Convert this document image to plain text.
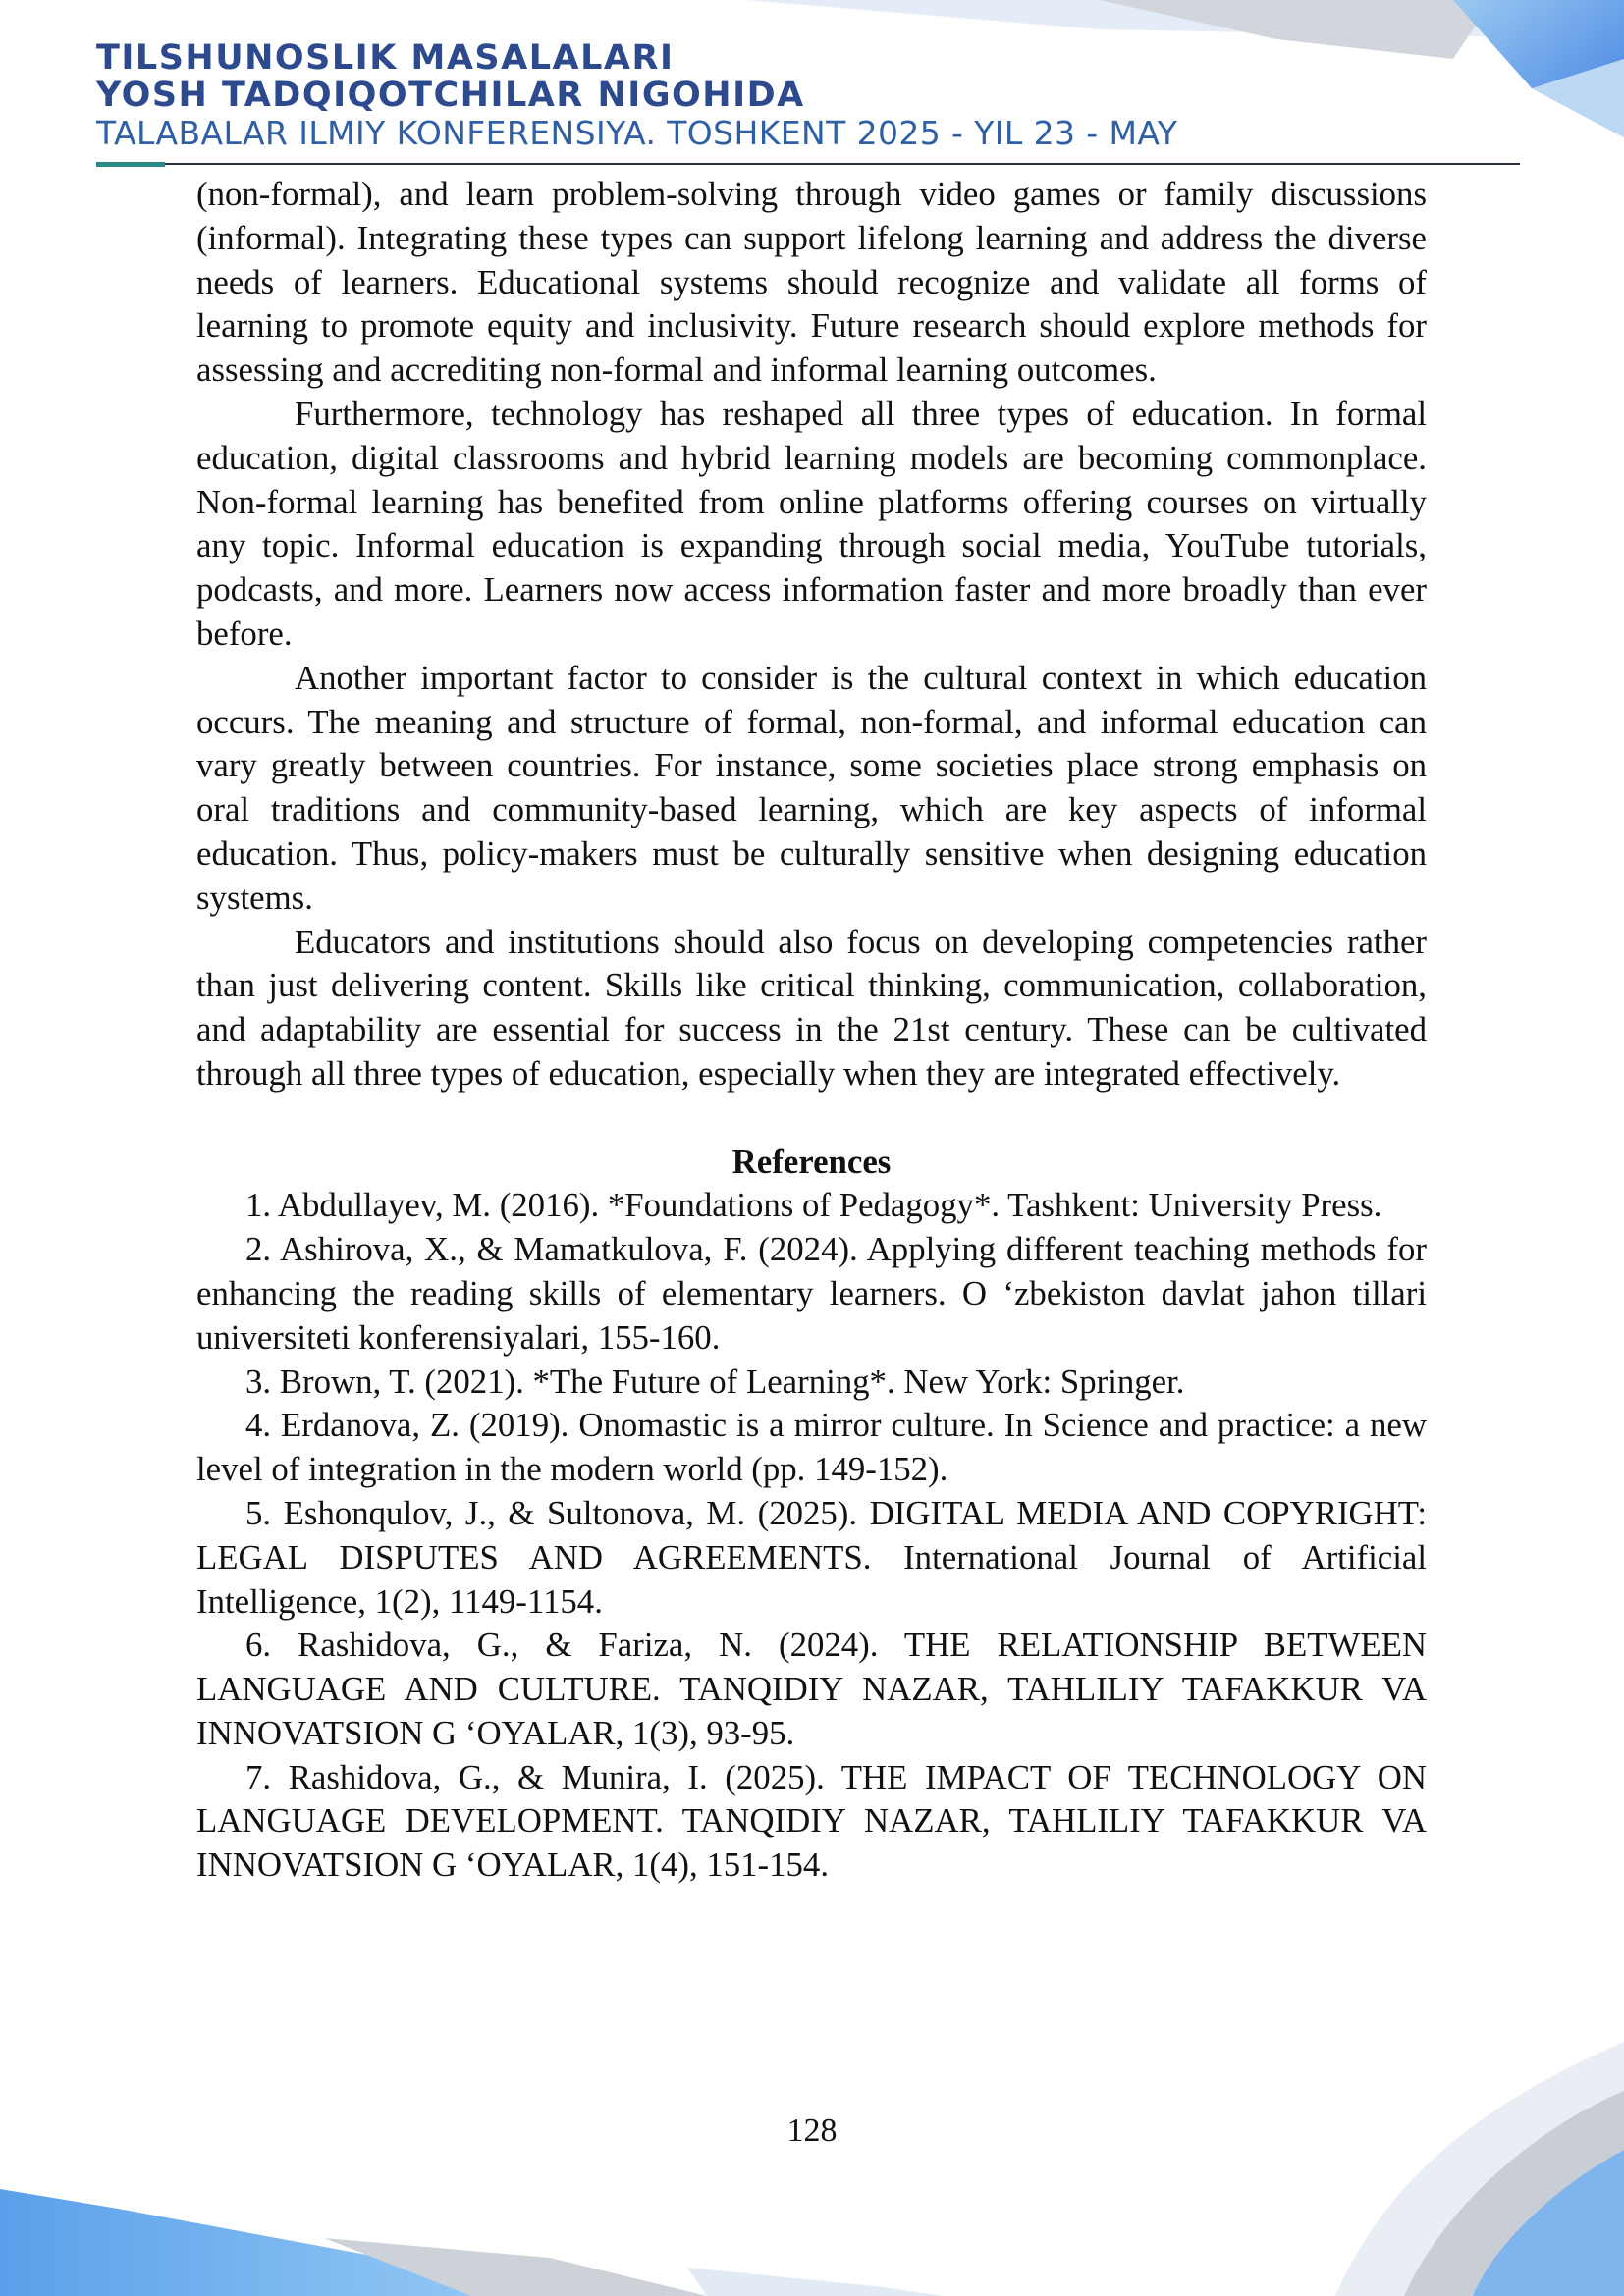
TILSHUNOSLIK MASALALARI
YOSH TADQIQOTCHILAR NIGOHIDA
TALABALAR ILMIY KONFERENSIYA. TOSHKENT 2025 - YIL 23 - MAY

(non-formal), and learn problem-solving through video games or family discussions (informal). Integrating these types can support lifelong learning and address the diverse needs of learners. Educational systems should recognize and validate all forms of learning to promote equity and inclusivity. Future research should explore methods for assessing and accrediting non-formal and informal learning outcomes.

Furthermore, technology has reshaped all three types of education. In formal education, digital classrooms and hybrid learning models are becoming commonplace. Non-formal learning has benefited from online platforms offering courses on virtually any topic. Informal education is expanding through social media, YouTube tutorials, podcasts, and more. Learners now access information faster and more broadly than ever before.

Another important factor to consider is the cultural context in which education occurs. The meaning and structure of formal, non-formal, and informal education can vary greatly between countries. For instance, some societies place strong emphasis on oral traditions and community-based learning, which are key aspects of informal education. Thus, policy-makers must be culturally sensitive when designing education systems.

Educators and institutions should also focus on developing competencies rather than just delivering content. Skills like critical thinking, communication, collaboration, and adaptability are essential for success in the 21st century. These can be cultivated through all three types of education, especially when they are integrated effectively.

References

1. Abdullayev, M. (2016). *Foundations of Pedagogy*. Tashkent: University Press.

2. Ashirova, X., & Mamatkulova, F. (2024). Applying different teaching methods for enhancing the reading skills of elementary learners. O ‘zbekiston davlat jahon tillari universiteti konferensiyalari, 155-160.

3. Brown, T. (2021). *The Future of Learning*. New York: Springer.

4. Erdanova, Z. (2019). Onomastic is a mirror culture. In Science and practice: a new level of integration in the modern world (pp. 149-152).

5. Eshonqulov, J., & Sultonova, M. (2025). DIGITAL MEDIA AND COPYRIGHT: LEGAL DISPUTES AND AGREEMENTS. International Journal of Artificial Intelligence, 1(2), 1149-1154.

6. Rashidova, G., & Fariza, N. (2024). THE RELATIONSHIP BETWEEN LANGUAGE AND CULTURE. TANQIDIY NAZAR, TAHLILIY TAFAKKUR VA INNOVATSION G ‘OYALAR, 1(3), 93-95.

7. Rashidova, G., & Munira, I. (2025). THE IMPACT OF TECHNOLOGY ON LANGUAGE DEVELOPMENT. TANQIDIY NAZAR, TAHLILIY TAFAKKUR VA INNOVATSION G ‘OYALAR, 1(4), 151-154.

128
